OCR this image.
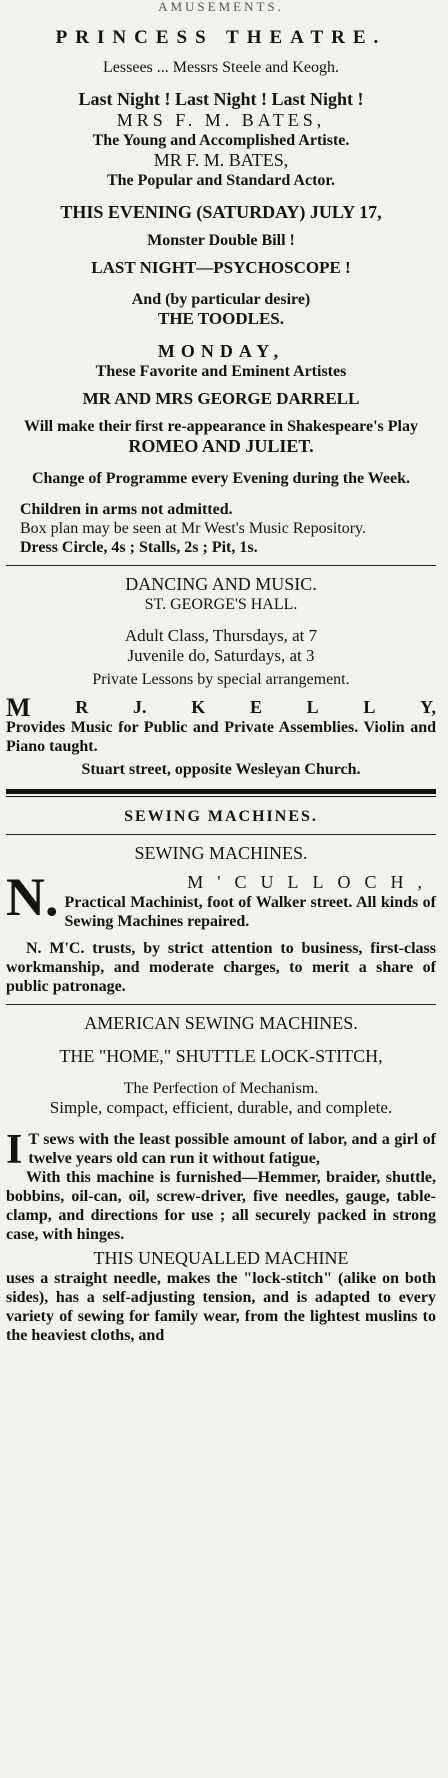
AMUSEMENTS.
PRINCESS THEATRE.
Lessees ... Messrs Steele and Keogh.
Last Night ! Last Night ! Last Night !
MRS F. M. BATES,
The Young and Accomplished Artiste.
MR F. M. BATES,
The Popular and Standard Actor.
THIS EVENING (SATURDAY) JULY 17,
Monster Double Bill !
LAST NIGHT—PSYCHOSCOPE !
And (by particular desire)
THE TOODLES.
MONDAY,
These Favorite and Eminent Artistes
MR AND MRS GEORGE DARRELL
Will make their first re-appearance in Shakespeare's Play
ROMEO AND JULIET.
Change of Programme every Evening during the Week.
Children in arms not admitted.
Box plan may be seen at Mr West's Music Repository.
Dress Circle, 4s ; Stalls, 2s ; Pit, 1s.
DANCING AND MUSIC.
ST. GEORGE'S HALL.
Adult Class, Thursdays, at 7
Juvenile do, Saturdays, at 3
Private Lessons by special arrangement.
M R J. K E L L Y,
Provides Music for Public and Private Assemblies. Violin and Piano taught.
Stuart street, opposite Wesleyan Church.
SEWING MACHINES.
SEWING MACHINES.
N.	M'CULLOCH,
Practical Machinist, foot of Walker street. All kinds of Sewing Machines repaired.
N. M'C. trusts, by strict attention to business, first-class workmanship, and moderate charges, to merit a share of public patronage.
AMERICAN SEWING MACHINES.
THE "HOME," SHUTTLE LOCK-STITCH,
The Perfection of Mechanism.
Simple, compact, efficient, durable, and complete.
I T sews with the least possible amount of labor, and a girl of twelve years old can run it without fatigue,
With this machine is furnished—Hemmer, braider, shuttle, bobbins, oil-can, oil, screw-driver, five needles, gauge, table-clamp, and directions for use ; all securely packed in strong case, with hinges.
THIS UNEQUALLED MACHINE
uses a straight needle, makes the "lock-stitch" (alike on both sides), has a self-adjusting tension, and is adapted to every variety of sewing for family wear, from the lightest muslins to the heaviest cloths, and
